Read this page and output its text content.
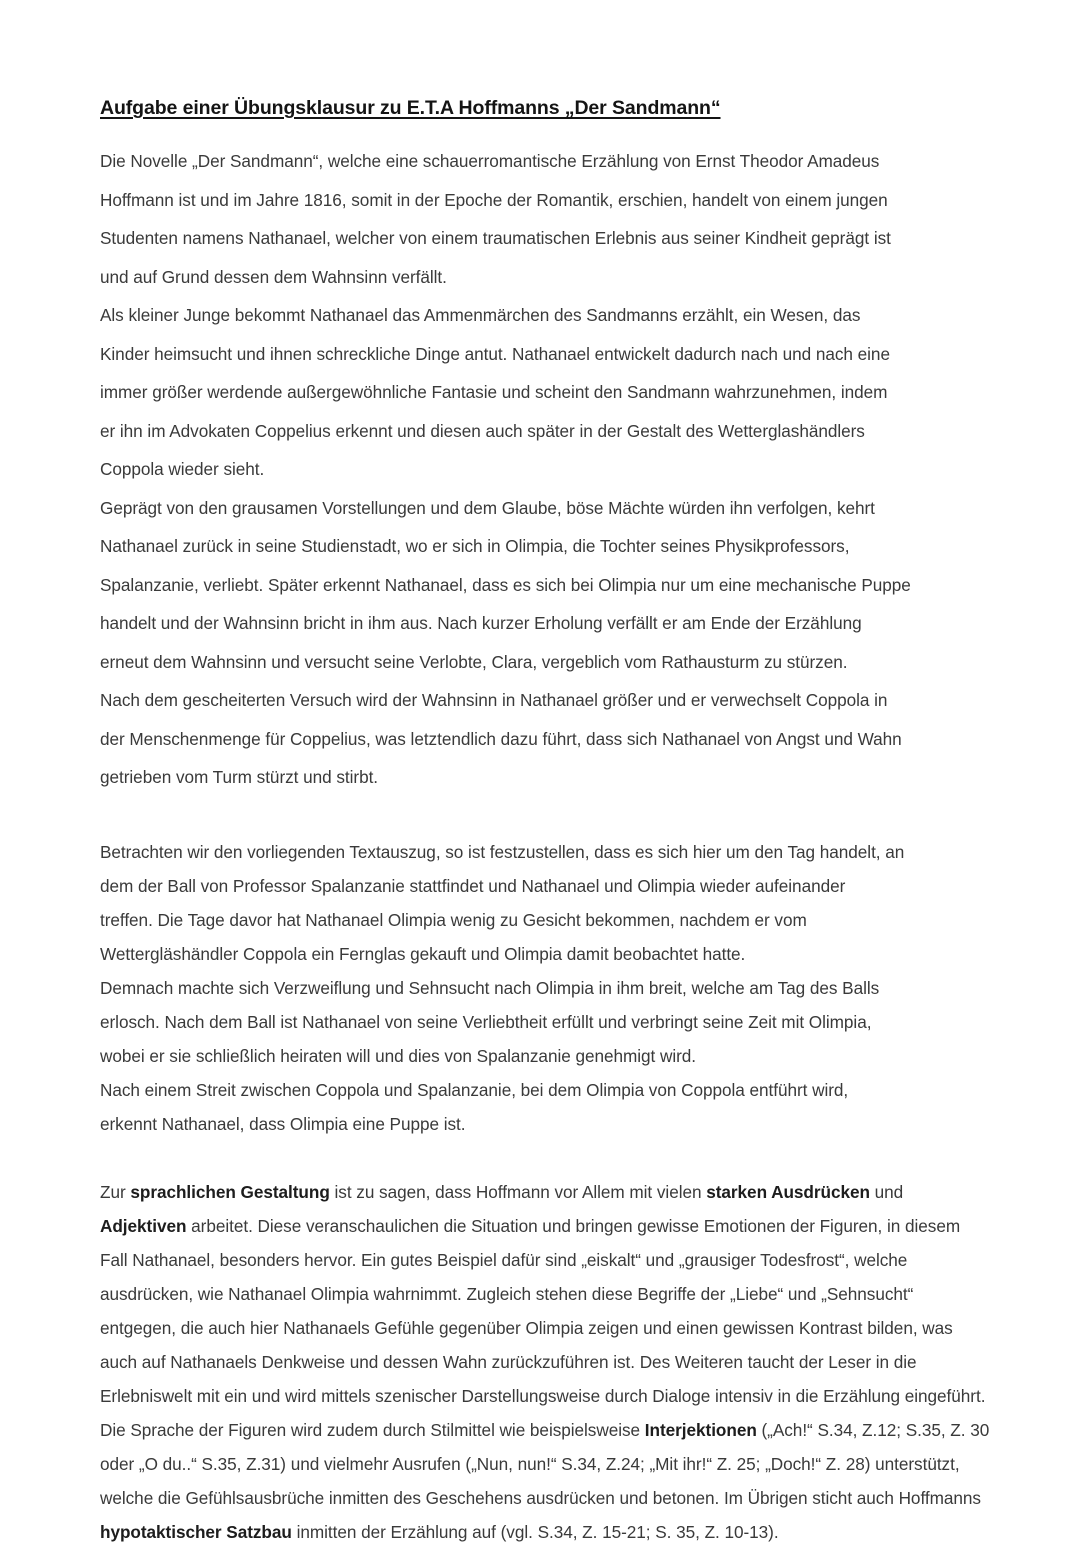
Aufgabe einer Übungsklausur zu E.T.A Hoffmanns „Der Sandmann“
Die Novelle „Der Sandmann“, welche eine schauerromantische Erzählung von Ernst Theodor Amadeus
Hoffmann ist und im Jahre 1816, somit in der Epoche der Romantik, erschien, handelt von einem jungen
Studenten namens Nathanael, welcher von einem traumatischen Erlebnis aus seiner Kindheit geprägt ist
und auf Grund dessen dem Wahnsinn verfällt.
Als kleiner Junge bekommt Nathanael das Ammenmärchen des Sandmanns erzählt, ein Wesen, das
Kinder heimsucht und ihnen schreckliche Dinge antut. Nathanael entwickelt dadurch nach und nach eine
immer größer werdende außergewöhnliche Fantasie und scheint den Sandmann wahrzunehmen, indem
er ihn im Advokaten Coppelius erkennt und diesen auch später in der Gestalt des Wetterglashändlers
Coppola wieder sieht.
Geprägt von den grausamen Vorstellungen und dem Glaube, böse Mächte würden ihn verfolgen, kehrt
Nathanael zurück in seine Studienstadt, wo er sich in Olimpia, die Tochter seines Physikprofessors,
Spalanzanie, verliebt. Später erkennt Nathanael, dass es sich bei Olimpia nur um eine mechanische Puppe
handelt und der Wahnsinn bricht in ihm aus. Nach kurzer Erholung verfällt er am Ende der Erzählung
erneut dem Wahnsinn und versucht seine Verlobte, Clara, vergeblich vom Rathausturm zu stürzen.
Nach dem gescheiterten Versuch wird der Wahnsinn in Nathanael größer und er verwechselt Coppola in
der Menschenmenge für Coppelius, was letztendlich dazu führt, dass sich Nathanael von Angst und Wahn
getrieben vom Turm stürzt und stirbt.
Betrachten wir den vorliegenden Textauszug, so ist festzustellen, dass es sich hier um den Tag handelt, an
dem der Ball von Professor Spalanzanie stattfindet und Nathanael und Olimpia wieder aufeinander
treffen. Die Tage davor hat Nathanael Olimpia wenig zu Gesicht bekommen, nachdem er vom
Wettergläshändler Coppola ein Fernglas gekauft und Olimpia damit beobachtet hatte.
Demnach machte sich Verzweiflung und Sehnsucht nach Olimpia in ihm breit, welche am Tag des Balls
erlosch. Nach dem Ball ist Nathanael von seine Verliebtheit erfüllt und verbringt seine Zeit mit Olimpia,
wobei er sie schließlich heiraten will und dies von Spalanzanie genehmigt wird.
Nach einem Streit zwischen Coppola und Spalanzanie, bei dem Olimpia von Coppola entführt wird,
erkennt Nathanael, dass Olimpia eine Puppe ist.

Zur sprachlichen Gestaltung ist zu sagen, dass Hoffmann vor Allem mit vielen starken Ausdrücken und Adjektiven arbeitet. Diese veranschaulichen die Situation und bringen gewisse Emotionen der Figuren, in diesem Fall Nathanael, besonders hervor. Ein gutes Beispiel dafür sind „eiskalt“ und „grausiger Todesfrost“, welche ausdrücken, wie Nathanael Olimpia wahrnimmt. Zugleich stehen diese Begriffe der „Liebe“ und „Sehnsucht“ entgegen, die auch hier Nathanaels Gefühle gegenüber Olimpia zeigen und einen gewissen Kontrast bilden, was auch auf Nathanaels Denkweise und dessen Wahn zurückzuführen ist. Des Weiteren taucht der Leser in die Erlebniswelt mit ein und wird mittels szenischer Darstellungsweise durch Dialoge intensiv in die Erzählung eingeführt. Die Sprache der Figuren wird zudem durch Stilmittel wie beispielsweise Interjektionen („Ach!“ S.34, Z.12; S.35, Z. 30 oder „O du..“ S.35, Z.31) und vielmehr Ausrufen („Nun, nun!“ S.34, Z.24; „Mit ihr!“ Z. 25; „Doch!“ Z. 28) unterstützt, welche die Gefühlsausbrüche inmitten des Geschehens ausdrücken und betonen. Im Übrigen sticht auch Hoffmanns hypotaktischer Satzbau inmitten der Erzählung auf (vgl. S.34, Z. 15-21; S. 35, Z. 10-13).
